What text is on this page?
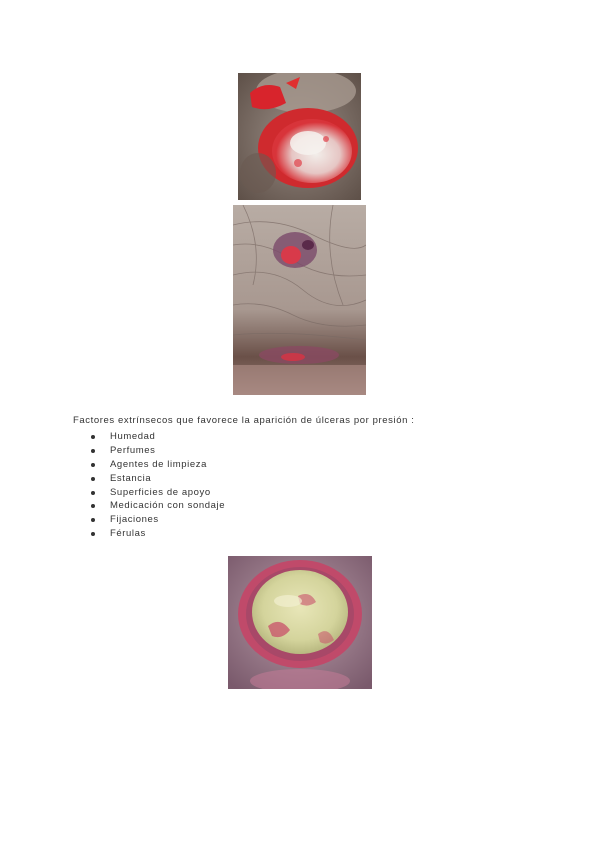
Factores extrínsecos que favorece la aparición de úlceras por presión :

Humedad
Perfumes
Agentes de limpieza
Estancia
Superficies de apoyo
Medicación con sondaje
Fijaciones
Férulas
